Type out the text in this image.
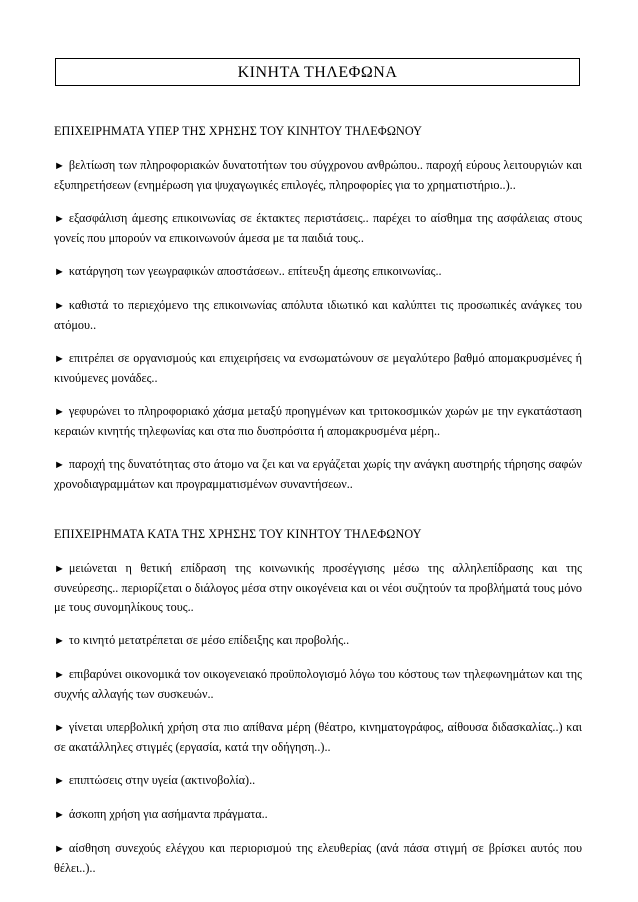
ΚΙΝΗΤΑ ΤΗΛΕΦΩΝΑ
ΕΠΙΧΕΙΡΗΜΑΤΑ ΥΠΕΡ ΤΗΣ ΧΡΗΣΗΣ ΤΟΥ ΚΙΝΗΤΟΥ ΤΗΛΕΦΩΝΟΥ

► βελτίωση των πληροφοριακών δυνατοτήτων του σύγχρονου ανθρώπου.. παροχή εύρους λειτουργιών και εξυπηρετήσεων (ενημέρωση για ψυχαγωγικές επιλογές, πληροφορίες για το χρηματιστήριο..)..

► εξασφάλιση άμεσης επικοινωνίας σε έκτακτες περιστάσεις.. παρέχει το αίσθημα της ασφάλειας στους γονείς που μπορούν να επικοινωνούν άμεσα με τα παιδιά τους..

► κατάργηση των γεωγραφικών αποστάσεων.. επίτευξη άμεσης επικοινωνίας..

► καθιστά το περιεχόμενο της επικοινωνίας απόλυτα ιδιωτικό και καλύπτει τις προσωπικές ανάγκες του ατόμου..

► επιτρέπει σε οργανισμούς και επιχειρήσεις να ενσωματώνουν σε μεγαλύτερο βαθμό απομακρυσμένες ή κινούμενες μονάδες..

► γεφυρώνει το πληροφοριακό χάσμα μεταξύ προηγμένων και τριτοκοσμικών χωρών με την εγκατάσταση κεραιών κινητής τηλεφωνίας και στα πιο δυσπρόσιτα ή απομακρυσμένα μέρη..

► παροχή της δυνατότητας στο άτομο να ζει και να εργάζεται χωρίς την ανάγκη αυστηρής τήρησης σαφών χρονοδιαγραμμάτων και προγραμματισμένων συναντήσεων..

ΕΠΙΧΕΙΡΗΜΑΤΑ ΚΑΤΑ ΤΗΣ ΧΡΗΣΗΣ ΤΟΥ ΚΙΝΗΤΟΥ ΤΗΛΕΦΩΝΟΥ

► μειώνεται η θετική επίδραση της κοινωνικής προσέγγισης μέσω της αλληλεπίδρασης και της συνεύρεσης.. περιορίζεται ο διάλογος μέσα στην οικογένεια και οι νέοι συζητούν τα προβλήματά τους μόνο με τους συνομηλίκους τους..

► το κινητό μετατρέπεται σε μέσο επίδειξης και προβολής..

► επιβαρύνει οικονομικά τον οικογενειακό προϋπολογισμό λόγω του κόστους των τηλεφωνημάτων και της συχνής αλλαγής των συσκευών..

► γίνεται υπερβολική χρήση στα πιο απίθανα μέρη (θέατρο, κινηματογράφος, αίθουσα διδασκαλίας..) και σε ακατάλληλες στιγμές (εργασία, κατά την οδήγηση..)..

► επιπτώσεις στην υγεία (ακτινοβολία)..

► άσκοπη χρήση για ασήμαντα πράγματα..

► αίσθηση συνεχούς ελέγχου και περιορισμού της ελευθερίας (ανά πάσα στιγμή σε βρίσκει αυτός που θέλει..)..
